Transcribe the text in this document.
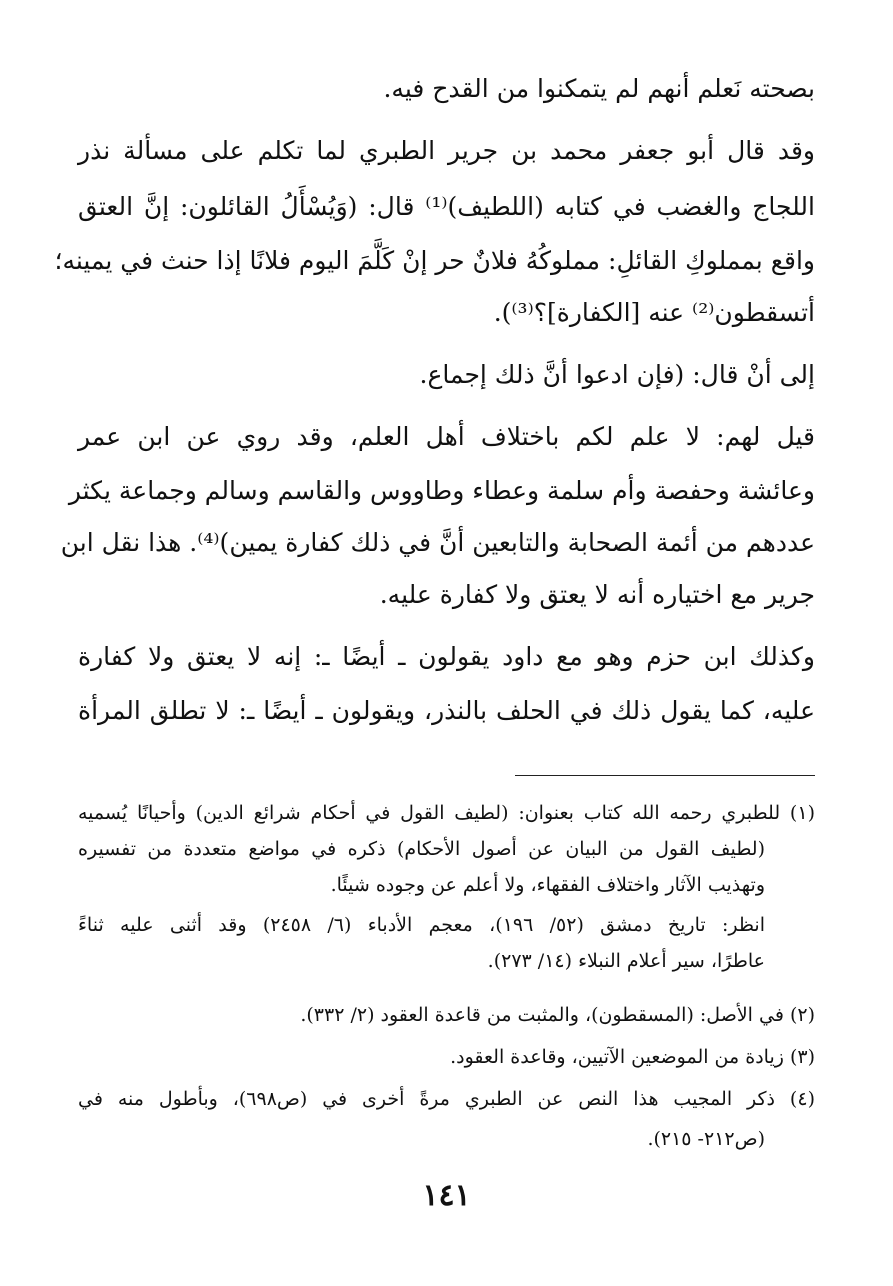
بصحته نَعلم أنهم لم يتمكنوا من القدح فيه.
وقد قال أبو جعفر محمد بن جرير الطبري لما تكلم على مسألة نذر
اللجاج والغضب في كتابه (اللطيف)⁽¹⁾ قال: (وَيُسْأَلُ القائلون: إنَّ العتق
واقع بمملوكِ القائلِ: مملوكُهُ فلانٌ حر إنْ كَلَّمَ اليوم فلانًا إذا حنث في يمينه؛
أتسقطون⁽²⁾ عنه [الكفارة]؟⁽³⁾).
إلى أنْ قال: (فإن ادعوا أنَّ ذلك إجماع.
قيل لهم: لا علم لكم باختلاف أهل العلم، وقد روي عن ابن عمر
وعائشة وحفصة وأم سلمة وعطاء وطاووس والقاسم وسالم وجماعة يكثر
عددهم من أئمة الصحابة والتابعين أنَّ في ذلك كفارة يمين)⁽⁴⁾. هذا نقل ابن
جرير مع اختياره أنه لا يعتق ولا كفارة عليه.
وكذلك ابن حزم وهو مع داود يقولون ـ أيضًا ـ: إنه لا يعتق ولا كفارة
عليه، كما يقول ذلك في الحلف بالنذر، ويقولون ـ أيضًا ـ: لا تطلق المرأة
(١) للطبري رحمه الله كتاب بعنوان: (لطيف القول في أحكام شرائع الدين) وأحيانًا يُسميه
(لطيف القول من البيان عن أصول الأحكام) ذكره في مواضع متعددة من تفسيره
وتهذيب الآثار واختلاف الفقهاء، ولا أعلم عن وجوده شيئًا.
انظر: تاريخ دمشق (٥٢/ ١٩٦)، معجم الأدباء (٦/ ٢٤٥٨) وقد أثنى عليه ثناءً
عاطرًا، سير أعلام النبلاء (١٤/ ٢٧٣).
(٢) في الأصل: (المسقطون)، والمثبت من قاعدة العقود (٢/ ٣٣٢).
(٣) زيادة من الموضعين الآتيين، وقاعدة العقود.
(٤) ذكر المجيب هذا النص عن الطبري مرةً أخرى في (ص٦٩٨)، وبأطول منه في
(ص٢١٢- ٢١٥).
١٤١
